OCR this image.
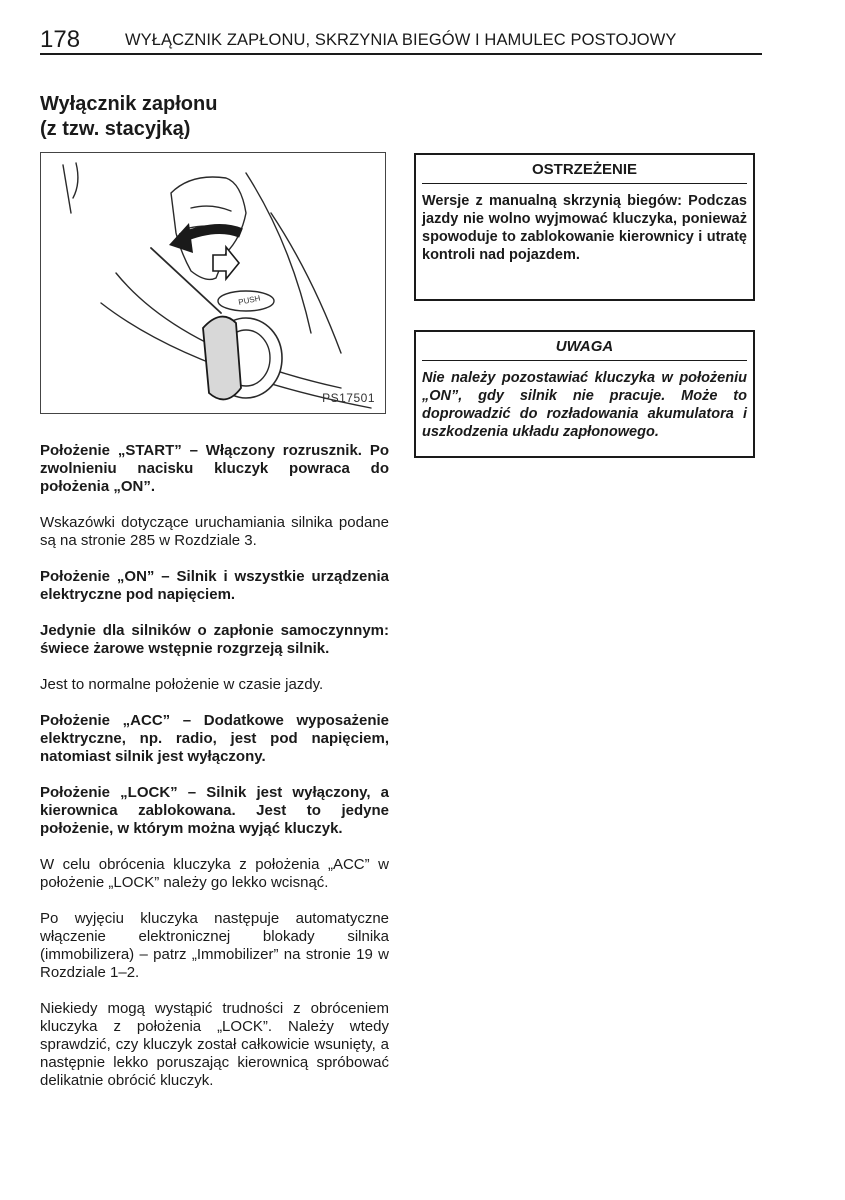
178	WYŁĄCZNIK ZAPŁONU, SKRZYNIA BIEGÓW I HAMULEC POSTOJOWY
Wyłącznik zapłonu
(z tzw. stacyjką)
PUSH
PS17501

Położenie „START” – Włączony rozrusznik. Po zwolnieniu nacisku kluczyk powraca do położenia „ON”.

Wskazówki dotyczące uruchamiania silnika podane są na stronie 285 w Rozdziale 3.

Położenie „ON” – Silnik i wszystkie urządzenia elektryczne pod napięciem.

Jedynie dla silników o zapłonie samoczynnym: świece żarowe wstępnie rozgrzeją silnik.

Jest to normalne położenie w czasie jazdy.

Położenie „ACC” – Dodatkowe wyposażenie elektryczne, np. radio, jest pod napięciem, natomiast silnik jest wyłączony.

Położenie „LOCK” – Silnik jest wyłączony, a kierownica zablokowana. Jest to jedyne położenie, w którym można wyjąć kluczyk.

W celu obrócenia kluczyka z położenia „ACC” w położenie „LOCK” należy go lekko wcisnąć.

Po wyjęciu kluczyka następuje automatyczne włączenie elektronicznej blokady silnika (immobilizera) – patrz „Immobilizer” na stronie 19 w Rozdziale 1–2.

Niekiedy mogą wystąpić trudności z obróceniem kluczyka z położenia „LOCK”. Należy wtedy sprawdzić, czy kluczyk został całkowicie wsunięty, a następnie lekko poruszając kierownicą spróbować delikatnie obrócić kluczyk.

OSTRZEŻENIE

Wersje z manualną skrzynią biegów: Podczas jazdy nie wolno wyjmować kluczyka, ponieważ spowoduje to zablokowanie kierownicy i utratę kontroli nad pojazdem.

UWAGA

Nie należy pozostawiać kluczyka w położeniu „ON”, gdy silnik nie pracuje. Może to doprowadzić do rozładowania akumulatora i uszkodzenia układu zapłonowego.
